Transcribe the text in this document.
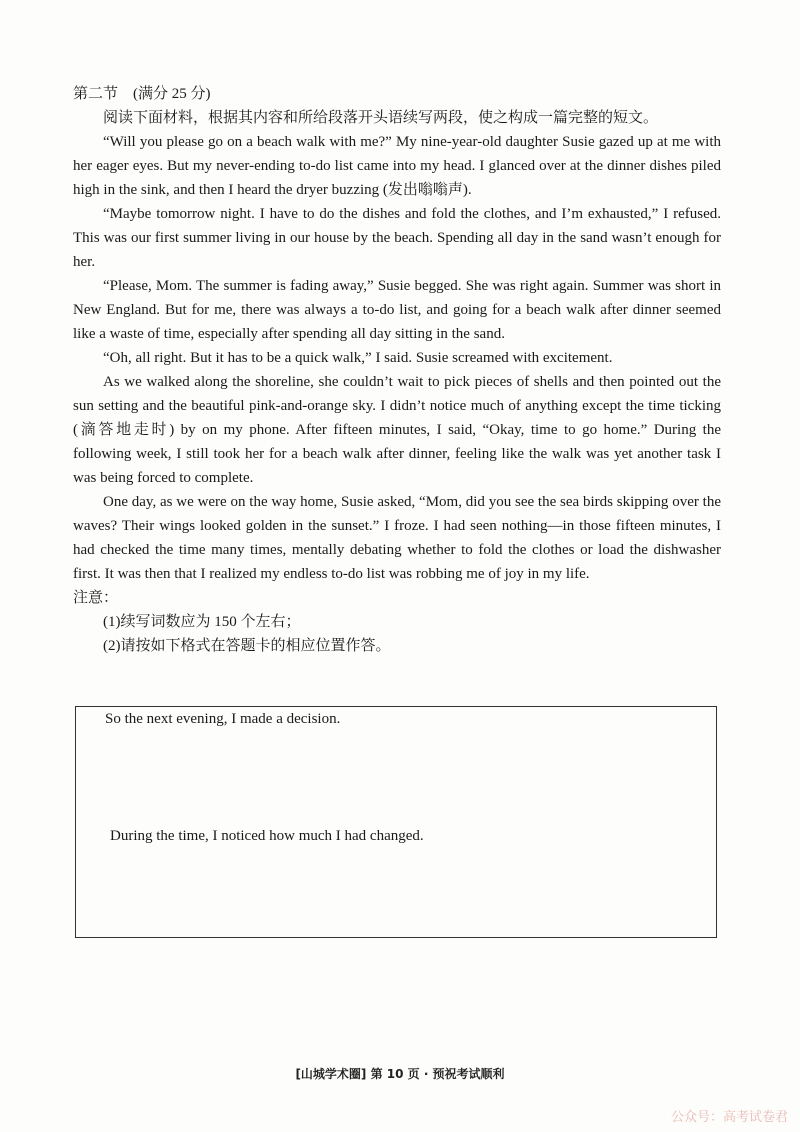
第二节　(满分 25 分)

阅读下面材料，根据其内容和所给段落开头语续写两段，使之构成一篇完整的短文。

“Will you please go on a beach walk with me?” My nine-year-old daughter Susie gazed up at me with her eager eyes. But my never-ending to-do list came into my head. I glanced over at the dinner dishes piled high in the sink, and then I heard the dryer buzzing (发出嗡嗡声).

“Maybe tomorrow night. I have to do the dishes and fold the clothes, and I’m exhausted,” I refused. This was our first summer living in our house by the beach. Spending all day in the sand wasn’t enough for her.

“Please, Mom. The summer is fading away,” Susie begged. She was right again. Summer was short in New England. But for me, there was always a to-do list, and going for a beach walk after dinner seemed like a waste of time, especially after spending all day sitting in the sand.

“Oh, all right. But it has to be a quick walk,” I said. Susie screamed with excitement.

As we walked along the shoreline, she couldn’t wait to pick pieces of shells and then pointed out the sun setting and the beautiful pink-and-orange sky. I didn’t notice much of anything except the time ticking (滴答地走时) by on my phone. After fifteen minutes, I said, “Okay, time to go home.” During the following week, I still took her for a beach walk after dinner, feeling like the walk was yet another task I was being forced to complete.

One day, as we were on the way home, Susie asked, “Mom, did you see the sea birds skipping over the waves? Their wings looked golden in the sunset.” I froze. I had seen nothing—in those fifteen minutes, I had checked the time many times, mentally debating whether to fold the clothes or load the dishwasher first. It was then that I realized my endless to-do list was robbing me of joy in my life.

注意：

(1)续写词数应为 150 个左右；

(2)请按如下格式在答题卡的相应位置作答。

So the next evening, I made a decision.
During the time, I noticed how much I had changed.
[山城学术圈] 第 10 页 · 预祝考试顺利
公众号：高考试卷君
